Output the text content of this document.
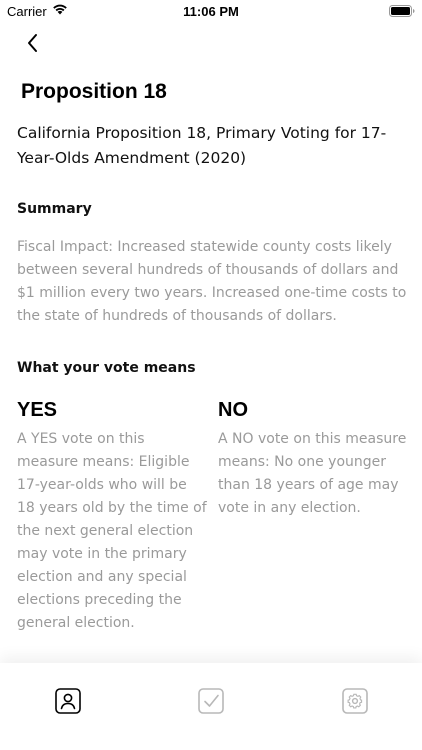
Carrier	11:06 PM
Proposition 18

California Proposition 18, Primary Voting for 17-Year-Olds Amendment (2020)

Summary

Fiscal Impact: Increased statewide county costs likely between several hundreds of thousands of dollars and $1 million every two years. Increased one-time costs to the state of hundreds of thousands of dollars.

What your vote means
YES

A YES vote on this measure means: Eligible 17-year-olds who will be 18 years old by the time of the next general election may vote in the primary election and any special elections preceding the general election.

NO

A NO vote on this measure means: No one younger than 18 years of age may vote in any election.
